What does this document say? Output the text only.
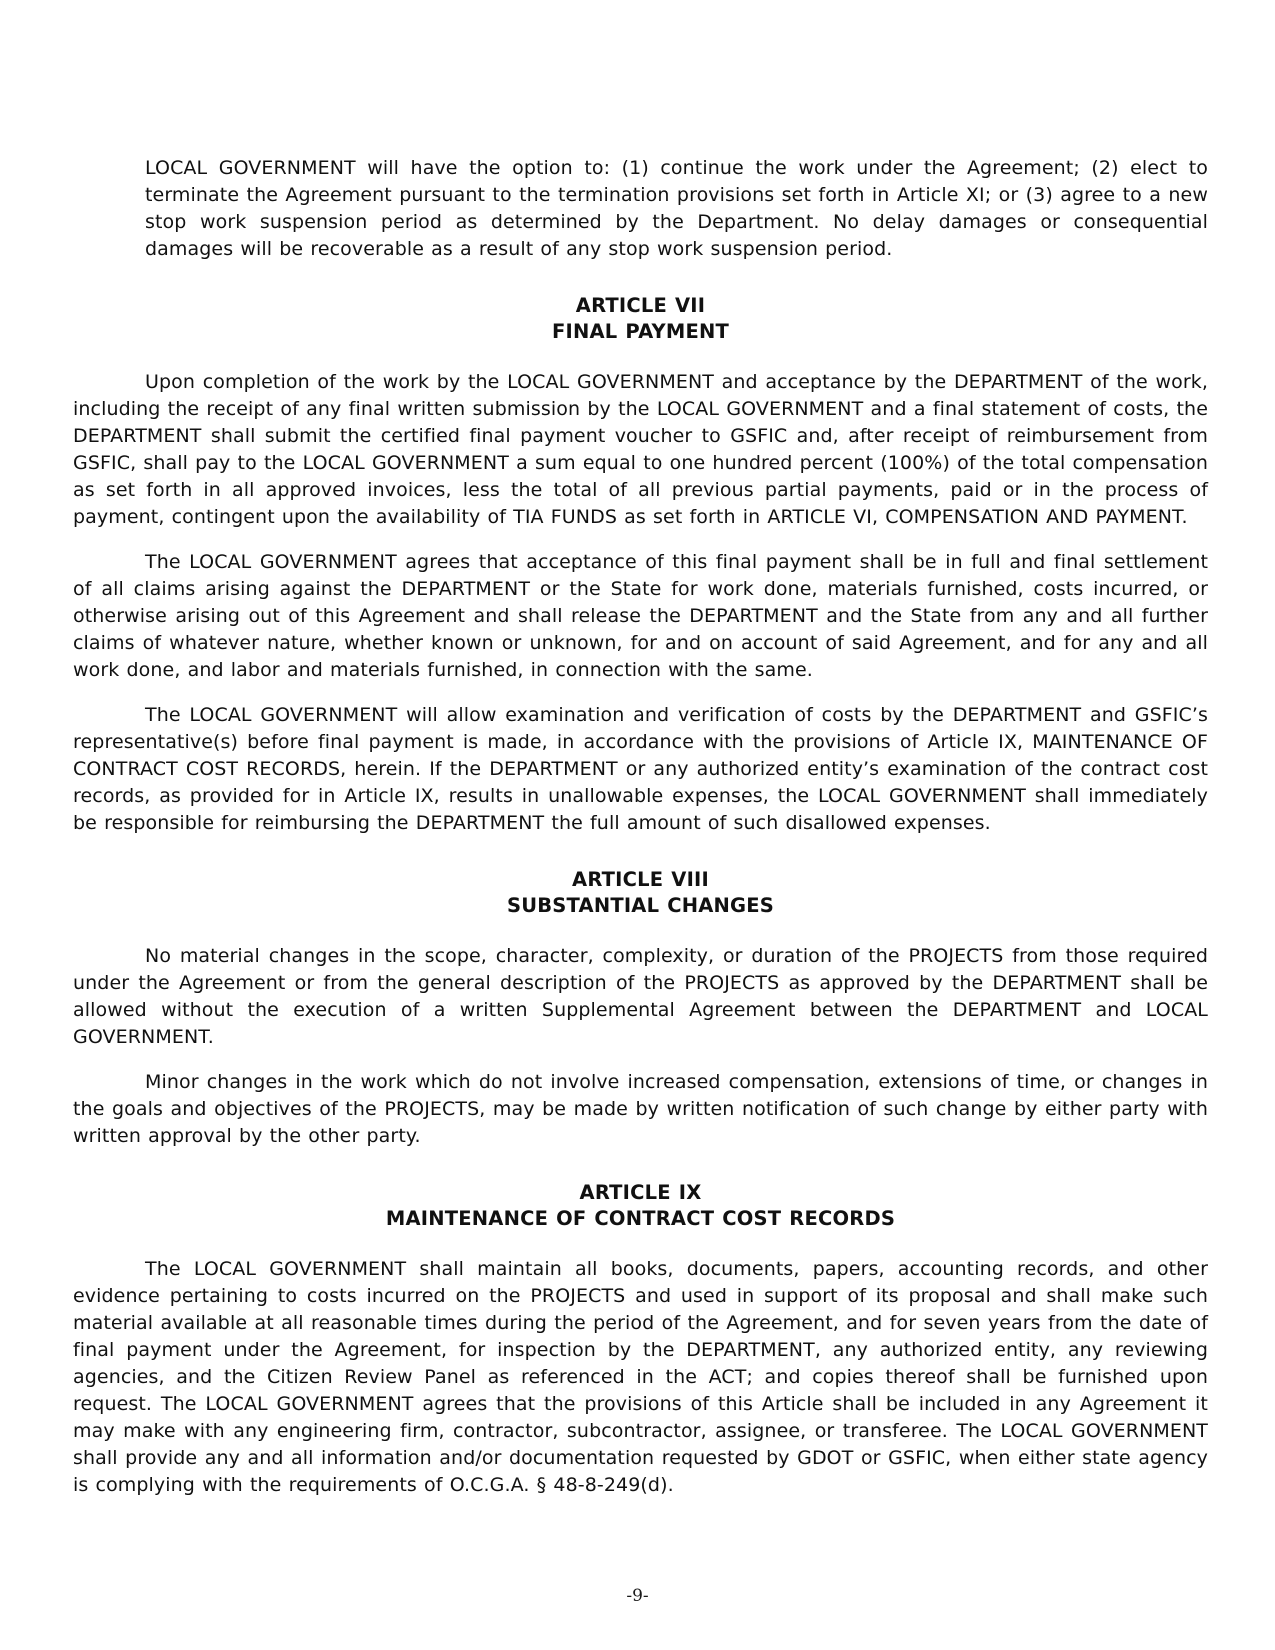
LOCAL GOVERNMENT will have the option to: (1) continue the work under the Agreement; (2) elect to terminate the Agreement pursuant to the termination provisions set forth in Article XI; or (3) agree to a new stop work suspension period as determined by the Department. No delay damages or consequential damages will be recoverable as a result of any stop work suspension period.

ARTICLE VII
FINAL PAYMENT

Upon completion of the work by the LOCAL GOVERNMENT and acceptance by the DEPARTMENT of the work, including the receipt of any final written submission by the LOCAL GOVERNMENT and a final statement of costs, the DEPARTMENT shall submit the certified final payment voucher to GSFIC and, after receipt of reimbursement from GSFIC, shall pay to the LOCAL GOVERNMENT a sum equal to one hundred percent (100%) of the total compensation as set forth in all approved invoices, less the total of all previous partial payments, paid or in the process of payment, contingent upon the availability of TIA FUNDS as set forth in ARTICLE VI, COMPENSATION AND PAYMENT.

The LOCAL GOVERNMENT agrees that acceptance of this final payment shall be in full and final settlement of all claims arising against the DEPARTMENT or the State for work done, materials furnished, costs incurred, or otherwise arising out of this Agreement and shall release the DEPARTMENT and the State from any and all further claims of whatever nature, whether known or unknown, for and on account of said Agreement, and for any and all work done, and labor and materials furnished, in connection with the same.

The LOCAL GOVERNMENT will allow examination and verification of costs by the DEPARTMENT and GSFIC’s representative(s) before final payment is made, in accordance with the provisions of Article IX, MAINTENANCE OF CONTRACT COST RECORDS, herein. If the DEPARTMENT or any authorized entity’s examination of the contract cost records, as provided for in Article IX, results in unallowable expenses, the LOCAL GOVERNMENT shall immediately be responsible for reimbursing the DEPARTMENT the full amount of such disallowed expenses.

ARTICLE VIII
SUBSTANTIAL CHANGES

No material changes in the scope, character, complexity, or duration of the PROJECTS from those required under the Agreement or from the general description of the PROJECTS as approved by the DEPARTMENT shall be allowed without the execution of a written Supplemental Agreement between the DEPARTMENT and LOCAL GOVERNMENT.

Minor changes in the work which do not involve increased compensation, extensions of time, or changes in the goals and objectives of the PROJECTS, may be made by written notification of such change by either party with written approval by the other party.

ARTICLE IX
MAINTENANCE OF CONTRACT COST RECORDS

The LOCAL GOVERNMENT shall maintain all books, documents, papers, accounting records, and other evidence pertaining to costs incurred on the PROJECTS and used in support of its proposal and shall make such material available at all reasonable times during the period of the Agreement, and for seven years from the date of final payment under the Agreement, for inspection by the DEPARTMENT, any authorized entity, any reviewing agencies, and the Citizen Review Panel as referenced in the ACT; and copies thereof shall be furnished upon request. The LOCAL GOVERNMENT agrees that the provisions of this Article shall be included in any Agreement it may make with any engineering firm, contractor, subcontractor, assignee, or transferee. The LOCAL GOVERNMENT shall provide any and all information and/or documentation requested by GDOT or GSFIC, when either state agency is complying with the requirements of O.C.G.A. § 48-8-249(d).

-9-
